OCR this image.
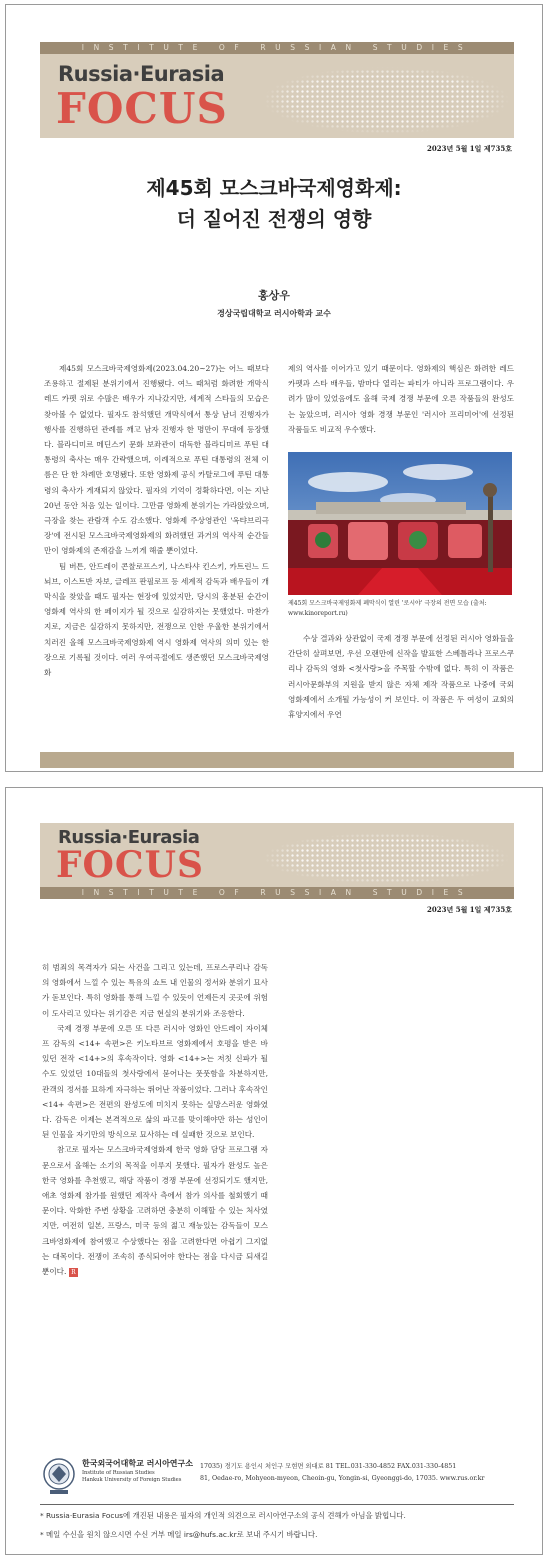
INSTITUTE OF RUSSIAN STUDIES
Russia·Eurasia
FOCUS
2023년 5월 1일 제735호
제45회 모스크바국제영화제:
더 짙어진 전쟁의 영향
홍상우
경상국립대학교 러시아학과 교수

제45회 모스크바국제영화제(2023.04.20~27)는 어느 때보다 조용하고 절제된 분위기에서 진행됐다. 여느 때처럼 화려한 개막식 레드 카펫 위로 수많은 배우가 지나갔지만, 세계적 스타들의 모습은 찾아볼 수 없었다. 필자도 참석했던 개막식에서 통상 남녀 진행자가 행사를 진행하던 관례를 깨고 남자 진행자 한 명만이 무대에 등장했다. 블라디미르 메딘스키 문화 보좌관이 대독한 블라디미르 푸틴 대통령의 축사는 매우 간략했으며, 이례적으로 푸틴 대통령의 전체 이름은 단 한 차례만 호명됐다. 또한 영화제 공식 카탈로그에 푸틴 대통령의 축사가 게재되지 않았다. 필자의 기억이 정확하다면, 이는 지난 20년 동안 처음 있는 일이다. 그만큼 영화제 분위기는 가라앉았으며, 극장을 찾는 관람객 수도 감소했다. 영화제 주상영관인 '옥탸브리극장'에 전시된 모스크바국제영화제의 화려했던 과거의 역사적 순간들만이 영화제의 존재감을 느끼게 해줄 뿐이었다.

팀 버튼, 안드레이 콘찰로프스키, 나스타샤 킨스키, 카트린느 드뇌브, 이스트반 자보, 글레프 판필로프 등 세계적 감독과 배우들이 개막식을 찾았을 때도 필자는 현장에 있었지만, 당시의 흥분된 순간이 영화제 역사의 한 페이지가 될 것으로 실감하지는 못했었다. 마찬가지로, 지금은 실감하지 못하지만, 전쟁으로 인한 우울한 분위기에서 치러진 올해 모스크바국제영화제 역시 영화제 역사의 의미 있는 한 장으로 기록될 것이다. 여러 우여곡절에도 생존했던 모스크바국제영화

제의 역사를 이어가고 있기 때문이다. 영화제의 핵심은 화려한 레드 카펫과 스타 배우들, 밤마다 열리는 파티가 아니라 프로그램이다. 우려가 많이 있었음에도 올해 국제 경쟁 부문에 오른 작품들의 완성도는 높았으며, 러시아 영화 경쟁 부문인 '러시아 프리미어'에 선정된 작품들도 비교적 우수했다.

제45회 모스크바국제영화제 폐막식이 열린 '로시야' 극장의 전면 모습 (출처: www.kinoreport.ru)

수상 결과와 상관없이 국제 경쟁 부문에 선정된 러시아 영화들을 간단히 살펴보면, 우선 오랜만에 신작을 발표한 스베틀라나 프로스쿠리나 감독의 영화 <첫사랑>을 주목할 수밖에 없다. 특히 이 작품은 러시아문화부의 지원을 받지 않은 자체 제작 작품으로 나중에 국외 영화제에서 소개될 가능성이 커 보인다. 이 작품은 두 여성이 교회의 휴양지에서 우연

Russia·Eurasia
FOCUS
INSTITUTE OF RUSSIAN STUDIES
2023년 5월 1일 제735호

히 범죄의 목격자가 되는 사건을 그리고 있는데, 프로스쿠리나 감독의 영화에서 느낄 수 있는 특유의 쇼트 내 인물의 정서와 분위기 묘사가 돋보인다. 특히 영화를 통해 느낄 수 있듯이 언제든지 곳곳에 위험이 도사리고 있다는 위기감은 지금 현실의 분위기와 조응한다.

국제 경쟁 부문에 오른 또 다른 러시아 영화인 안드레이 자이체프 감독의 <14+ 속편>은 키노타브르 영화제에서 호평을 받은 바 있던 전작 <14+>의 후속작이다. 영화 <14+>는 저칫 신파가 될 수도 있었던 10대들의 첫사랑에서 묻어나는 풋풋함을 차분하지만, 관객의 정서를 묘하게 자극하는 뛰어난 작품이었다. 그러나 후속작인 <14+ 속편>은 전편의 완성도에 미치지 못하는 실망스러운 영화였다. 감독은 이제는 본격적으로 삶의 파고를 맞이해야만 하는 성인이 된 인물을 자기만의 방식으로 묘사하는 데 실패한 것으로 보인다.

참고로 필자는 모스크바국제영화제 한국 영화 담당 프로그램 자문으로서 올해는 소기의 목적을 이루지 못했다. 필자가 완성도 높은 한국 영화를 추천했고, 해당 작품이 경쟁 부문에 선정되기도 했지만, 애초 영화제 참가를 원했던 제작사 측에서 참가 의사를 철회했기 때문이다. 악화한 주변 상황을 고려하면 충분히 이해할 수 있는 처사였지만, 여전히 일본, 프랑스, 미국 등의 젊고 재능있는 감독들이 모스크바영화제에 참여했고 수상했다는 점을 고려한다면 아쉽기 그지없는 대목이다. 전쟁이 조속히 종식되어야 한다는 점을 다시금 되새길 뿐이다. R

한국외국어대학교 러시아연구소
Institute of Russian Studies
Hankuk University of Foreign Studies
17035) 경기도 용인시 처인구 모현면 외대로 81 TEL.031-330-4852 FAX.031-330-4851
81, Oedae-ro, Mohyeon-myeon, Cheoin-gu, Yongin-si, Gyeonggi-do, 17035. www.rus.or.kr
* Russia·Eurasia Focus에 개진된 내용은 필자의 개인적 의견으로 러시아연구소의 공식 견해가 아님을 밝힙니다.
* 메일 수신을 원치 않으시면 수신 거부 메일 irs@hufs.ac.kr로 보내 주시기 바랍니다.
